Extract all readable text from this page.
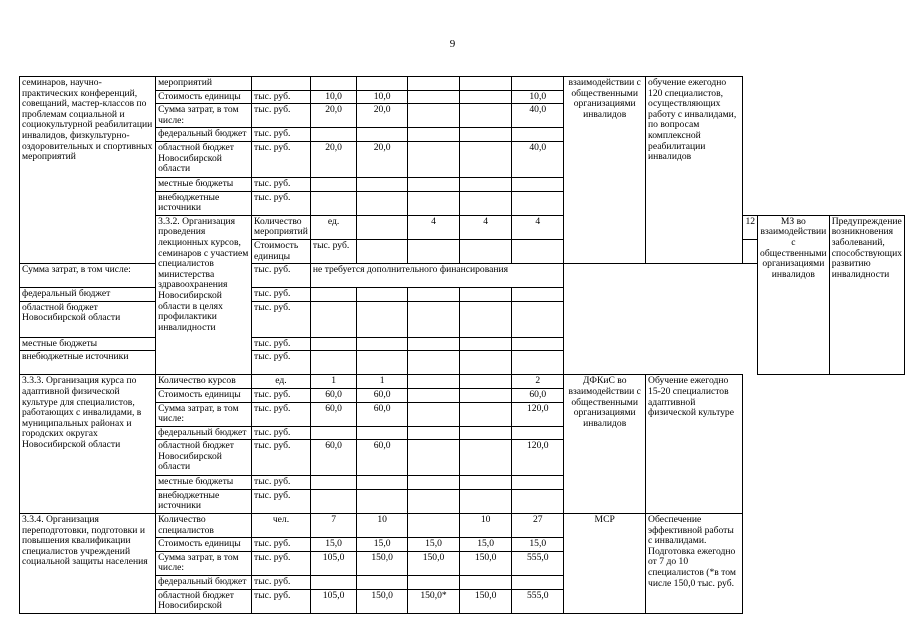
9
семинаров, научно-практических конференций, совещаний, мастер-классов по проблемам социальной и социокультурной реабилитации инвалидов, физкультурно-оздоровительных и спортивных мероприятий	мероприятий							взаимодействии с общественными организациями инвалидов	обучение ежегодно 120 специалистов, осуществляющих работу с инвалидами, по вопросам комплексной реабилитации инвалидов			
	Стоимость единицы	тыс. руб.	10,0	10,0			10,0					
	Сумма затрат, в том числе:	тыс. руб.	20,0	20,0			40,0					
	федеральный бюджет	тыс. руб.										
	областной бюджет Новосибирской области	тыс. руб.	20,0	20,0			40,0					
	местные бюджеты	тыс. руб.										
	внебюджетные источники	тыс. руб.										
	3.3.2. Организация проведения лекционных курсов, семинаров с участием специалистов министерства здравоохранения Новосибирской области в целях профилактики инвалидности	Количество мероприятий	ед.		4	4	4			12	МЗ во взаимодействии с общественными организациями инвалидов	Предупреждение возникновения заболеваний, способствующих развитию инвалидности
		Стоимость единицы	тыс. руб.									
Сумма затрат, в том числе:		тыс. руб.	не требуется дополнительного финансирования									
федеральный бюджет		тыс. руб.										
областной бюджет Новосибирской области		тыс. руб.										
местные бюджеты		тыс. руб.										
внебюджетные источники		тыс. руб.										
3.3.3. Организация курса по адаптивной физической культуре для специалистов, работающих с инвалидами, в муниципальных районах и городских округах Новосибирской области	Количество курсов	ед.	1	1			2	ДФКиС во взаимодействии с общественными организациями инвалидов	Обучение ежегодно 15-20 специалистов адаптивной физической культуре			
	Стоимость единицы	тыс. руб.	60,0	60,0			60,0					
	Сумма затрат, в том числе:	тыс. руб.	60,0	60,0			120,0					
	федеральный бюджет	тыс. руб.										
	областной бюджет Новосибирской области	тыс. руб.	60,0	60,0			120,0					
	местные бюджеты	тыс. руб.										
	внебюджетные источники	тыс. руб.										
3.3.4. Организация переподготовки, подготовки и повышения квалификации специалистов учреждений социальной защиты населения	Количество специалистов	чел.	7	10		10	27	МСР	Обеспечение эффективной работы с инвалидами. Подготовка ежегодно от 7 до 10 специалистов (*в том числе 150,0 тыс. руб.			
	Стоимость единицы	тыс. руб.	15,0	15,0	15,0	15,0	15,0					
	Сумма затрат, в том числе:	тыс. руб.	105,0	150,0	150,0	150,0	555,0					
	федеральный бюджет	тыс. руб.										
	областной бюджет Новосибирской	тыс. руб.	105,0	150,0	150,0*	150,0	555,0					
